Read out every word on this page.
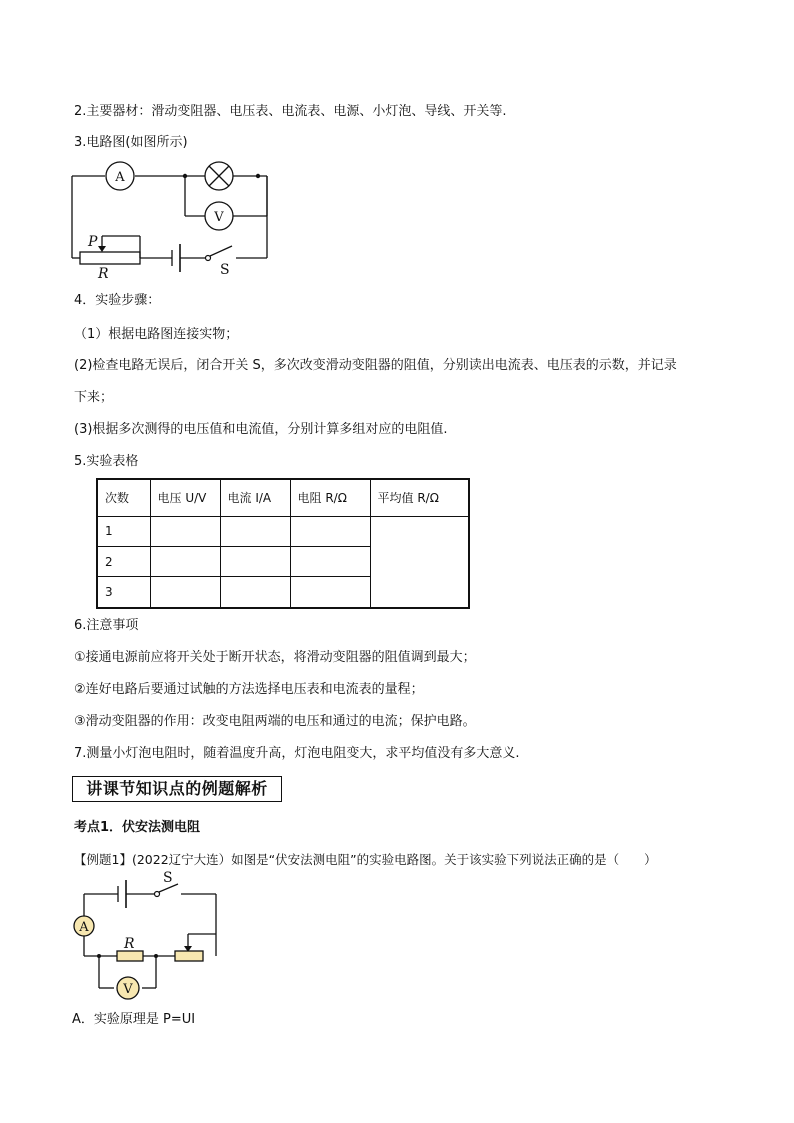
2.主要器材：滑动变阻器、电压表、电流表、电源、小灯泡、导线、开关等.
3.电路图(如图所示)
A
V
P
R	S
4．实验步骤：
（1）根据电路图连接实物；
(2)检查电路无误后，闭合开关 S，多次改变滑动变阻器的阻值，分别读出电流表、电压表的示数，并记录
下来；
(3)根据多次测得的电压值和电流值，分别计算多组对应的电阻值.
5.实验表格
次数	电压 U/V	电流 I/A	电阻 R/Ω	平均值 R/Ω
1				
2				
3				
6.注意事项
①接通电源前应将开关处于断开状态，将滑动变阻器的阻值调到最大；
②连好电路后要通过试触的方法选择电压表和电流表的量程；
③滑动变阻器的作用：改变电阻两端的电压和通过的电流；保护电路。
7.测量小灯泡电阻时，随着温度升高，灯泡电阻变大，求平均值没有多大意义.
讲课节知识点的例题解析
考点1．伏安法测电阻
【例题1】(2022辽宁大连）如图是“伏安法测电阻”的实验电路图。关于该实验下列说法正确的是（　　）
A
V
S
R
A．实验原理是 P=UI
